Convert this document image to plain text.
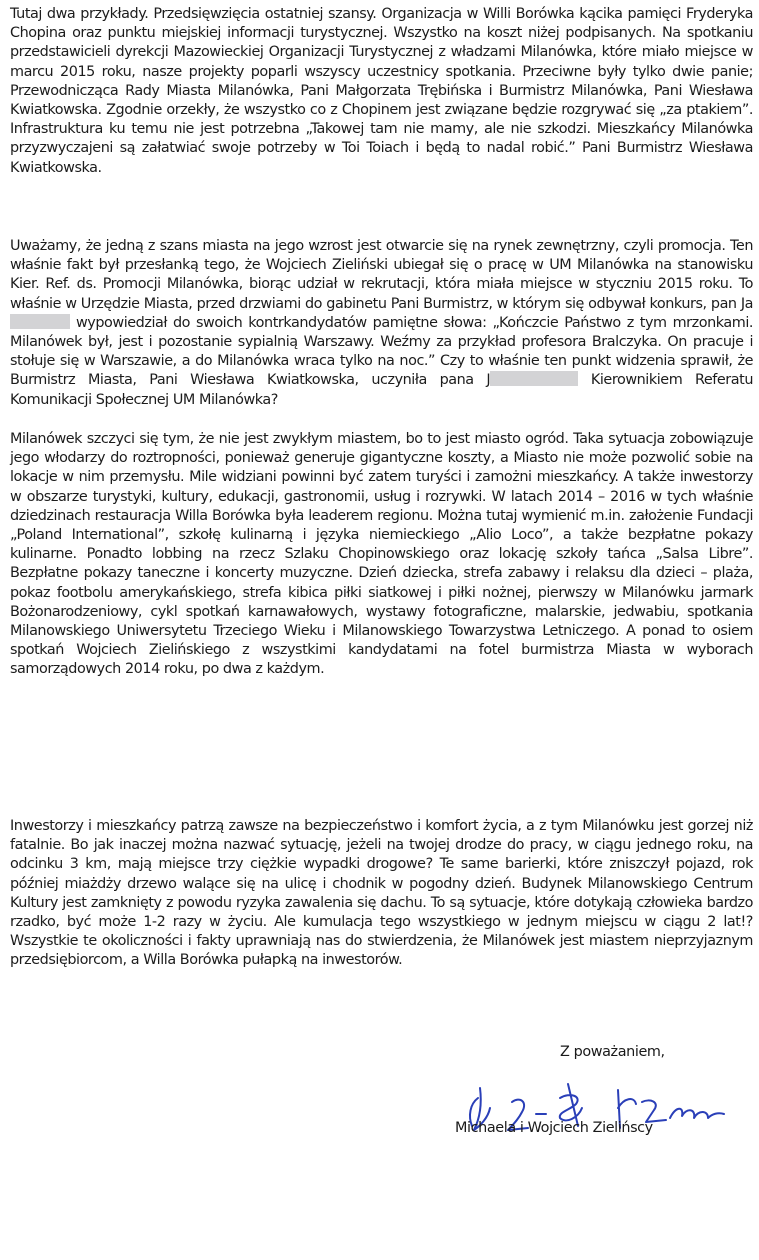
Tutaj dwa przykłady. Przedsięwzięcia ostatniej szansy. Organizacja w Willi Borówka kącika pamięci Fryderyka Chopina oraz punktu miejskiej informacji turystycznej. Wszystko na koszt niżej podpisanych. Na spotkaniu przedstawicieli dyrekcji Mazowieckiej Organizacji Turystycznej z władzami Milanówka, które miało miejsce w marcu 2015 roku, nasze projekty poparli wszyscy uczestnicy spotkania. Przeciwne były tylko dwie panie; Przewodnicząca Rady Miasta Milanówka, Pani Małgorzata Trębińska i Burmistrz Milanówka, Pani Wiesława Kwiatkowska. Zgodnie orzekły, że wszystko co z Chopinem jest związane będzie rozgrywać się „za ptakiem”. Infrastruktura ku temu nie jest potrzebna „Takowej tam nie mamy, ale nie szkodzi. Mieszkańcy Milanówka przyzwyczajeni są załatwiać swoje potrzeby w Toi Toiach i będą to nadal robić.” Pani Burmistrz Wiesława Kwiatkowska.

Uważamy, że jedną z szans miasta na jego wzrost jest otwarcie się na rynek zewnętrzny, czyli promocja. Ten właśnie fakt był przesłanką tego, że Wojciech Zieliński ubiegał się o pracę w UM Milanówka na stanowisku Kier. Ref. ds. Promocji Milanówka, biorąc udział w rekrutacji, która miała miejsce w styczniu 2015 roku. To właśnie w Urzędzie Miasta, przed drzwiami do gabinetu Pani Burmistrz, w którym się odbywał konkurs, pan Ja wypowiedział do swoich kontrkandydatów pamiętne słowa: „Kończcie Państwo z tym mrzonkami. Milanówek był, jest i pozostanie sypialnią Warszawy. Weźmy za przykład profesora Bralczyka. On pracuje i stołuje się w Warszawie, a do Milanówka wraca tylko na noc.” Czy to właśnie ten punkt widzenia sprawił, że Burmistrz Miasta, Pani Wiesława Kwiatkowska, uczyniła pana J	Kierownikiem Referatu Komunikacji Społecznej UM Milanówka?

Milanówek szczyci się tym, że nie jest zwykłym miastem, bo to jest miasto ogród. Taka sytuacja zobowiązuje jego włodarzy do roztropności, ponieważ generuje gigantyczne koszty, a Miasto nie może pozwolić sobie na lokacje w nim przemysłu. Mile widziani powinni być zatem turyści i zamożni mieszkańcy. A także inwestorzy w obszarze turystyki, kultury, edukacji, gastronomii, usług i rozrywki. W latach 2014 – 2016 w tych właśnie dziedzinach restauracja Willa Borówka była leaderem regionu. Można tutaj wymienić m.in. założenie Fundacji „Poland International”, szkołę kulinarną i języka niemieckiego „Alio Loco”, a także bezpłatne pokazy kulinarne. Ponadto lobbing na rzecz Szlaku Chopinowskiego oraz lokację szkoły tańca „Salsa Libre”. Bezpłatne pokazy taneczne i koncerty muzyczne. Dzień dziecka, strefa zabawy i relaksu dla dzieci – plaża, pokaz footbolu amerykańskiego, strefa kibica piłki siatkowej i piłki nożnej, pierwszy w Milanówku jarmark Bożonarodzeniowy, cykl spotkań karnawałowych, wystawy fotograficzne, malarskie, jedwabiu, spotkania Milanowskiego Uniwersytetu Trzeciego Wieku i Milanowskiego Towarzystwa Letniczego. A ponad to osiem spotkań Wojciech Zielińskiego z wszystkimi kandydatami na fotel burmistrza Miasta w wyborach samorządowych 2014 roku, po dwa z każdym.

Inwestorzy i mieszkańcy patrzą zawsze na bezpieczeństwo i komfort życia, a z tym Milanówku jest gorzej niż fatalnie. Bo jak inaczej można nazwać sytuację, jeżeli na twojej drodze do pracy, w ciągu jednego roku, na odcinku 3 km, mają miejsce trzy ciężkie wypadki drogowe? Te same barierki, które zniszczył pojazd, rok później miażdży drzewo walące się na ulicę i chodnik w pogodny dzień. Budynek Milanowskiego Centrum Kultury jest zamknięty z powodu ryzyka zawalenia się dachu. To są sytuacje, które dotykają człowieka bardzo rzadko, być może 1-2 razy w życiu. Ale kumulacja tego wszystkiego w jednym miejscu w ciągu 2 lat!? Wszystkie te okoliczności i fakty uprawniają nas do stwierdzenia, że Milanówek jest miastem nieprzyjaznym przedsiębiorcom, a Willa Borówka pułapką na inwestorów.

Z poważaniem,
Michaela i Wojciech Zielińscy
